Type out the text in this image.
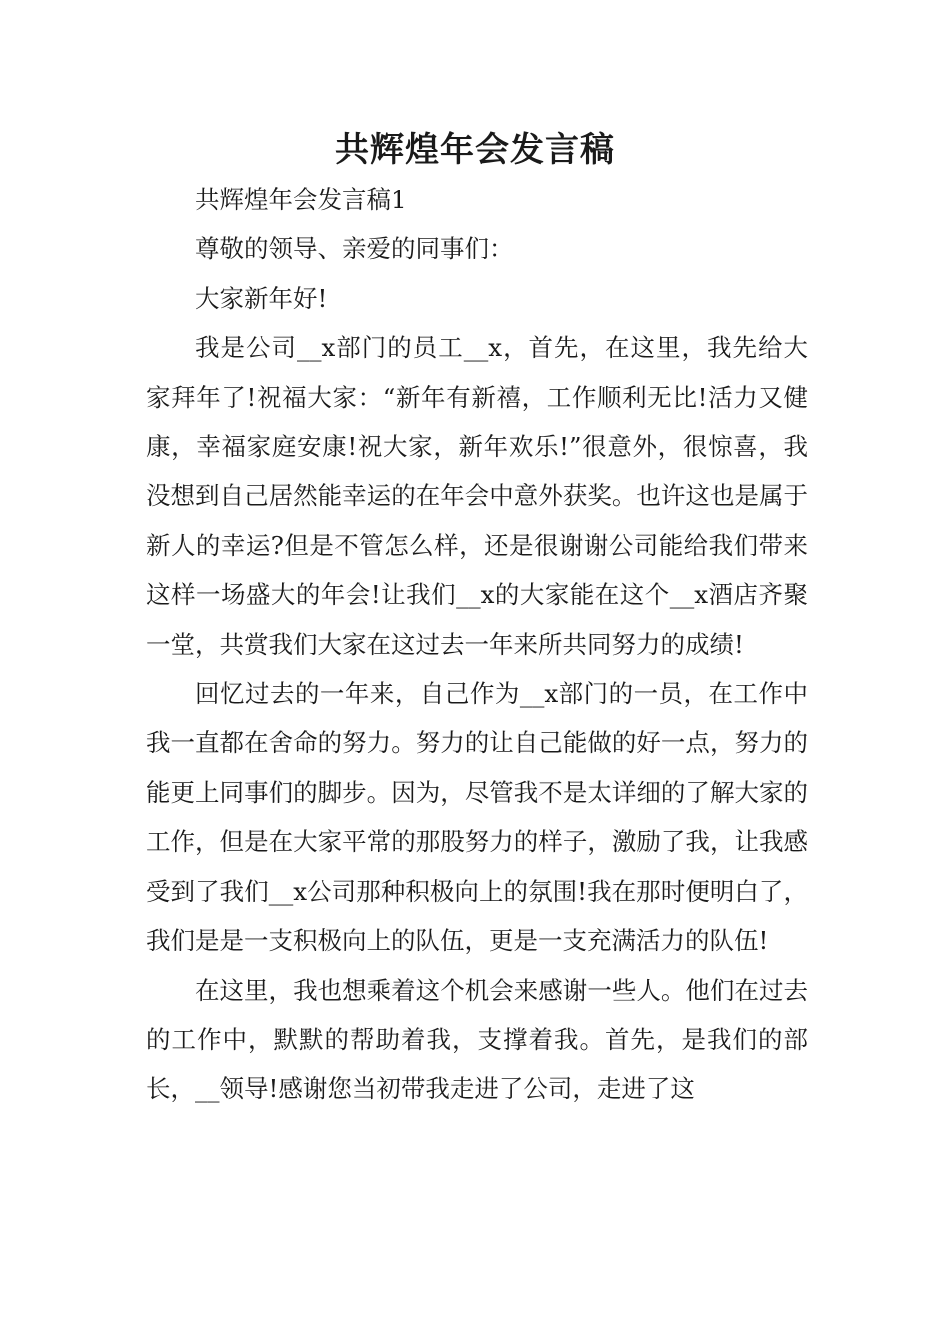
共辉煌年会发言稿

共辉煌年会发言稿1

尊敬的领导、亲爱的同事们：

大家新年好!

我是公司__x部门的员工__x，首先，在这里，我先给大家拜年了!祝福大家：“新年有新禧，工作顺利无比!活力又健康，幸福家庭安康!祝大家，新年欢乐!”很意外，很惊喜，我没想到自己居然能幸运的在年会中意外获奖。也许这也是属于新人的幸运?但是不管怎么样，还是很谢谢公司能给我们带来这样一场盛大的年会!让我们__x的大家能在这个__x酒店齐聚一堂，共赏我们大家在这过去一年来所共同努力的成绩!

回忆过去的一年来，自己作为__x部门的一员，在工作中我一直都在舍命的努力。努力的让自己能做的好一点，努力的能更上同事们的脚步。因为，尽管我不是太详细的了解大家的工作，但是在大家平常的那股努力的样子，激励了我，让我感受到了我们__x公司那种积极向上的氛围!我在那时便明白了，我们是是一支积极向上的队伍，更是一支充满活力的队伍!

在这里，我也想乘着这个机会来感谢一些人。他们在过去的工作中，默默的帮助着我，支撑着我。首先，是我们的部长，__领导!感谢您当初带我走进了公司，走进了这
